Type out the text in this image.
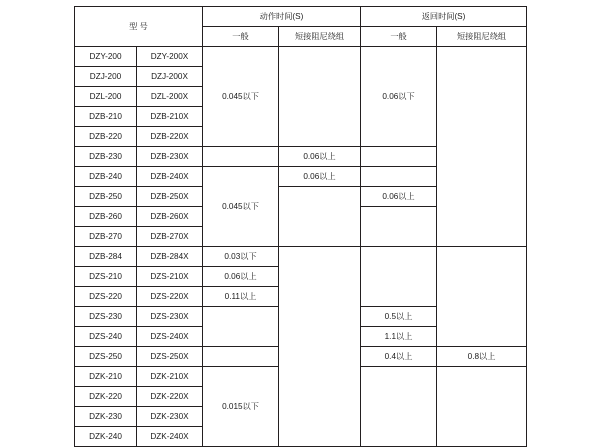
型 号		动作时间(S)		返回时间(S)	
		一般	短接阻尼绕组	一般	短接阻尼绕组
DZY-200	DZY-200X	0.045以下		0.06以下	
DZJ-200	DZJ-200X				
DZL-200	DZL-200X				
DZB-210	DZB-210X				
DZB-220	DZB-220X				
DZB-230	DZB-230X		0.06以上		
DZB-240	DZB-240X	0.045以下	0.06以上		
DZB-250	DZB-250X			0.06以上	
DZB-260	DZB-260X				
DZB-270	DZB-270X				
DZB-284	DZB-284X	0.03以下			
DZS-210	DZS-210X	0.06以上			
DZS-220	DZS-220X	0.11以上			
DZS-230	DZS-230X			0.5以上	
DZS-240	DZS-240X			1.1以上	
DZS-250	DZS-250X			0.4以上	0.8以上
DZK-210	DZK-210X	0.015以下			
DZK-220	DZK-220X				
DZK-230	DZK-230X				
DZK-240	DZK-240X				
